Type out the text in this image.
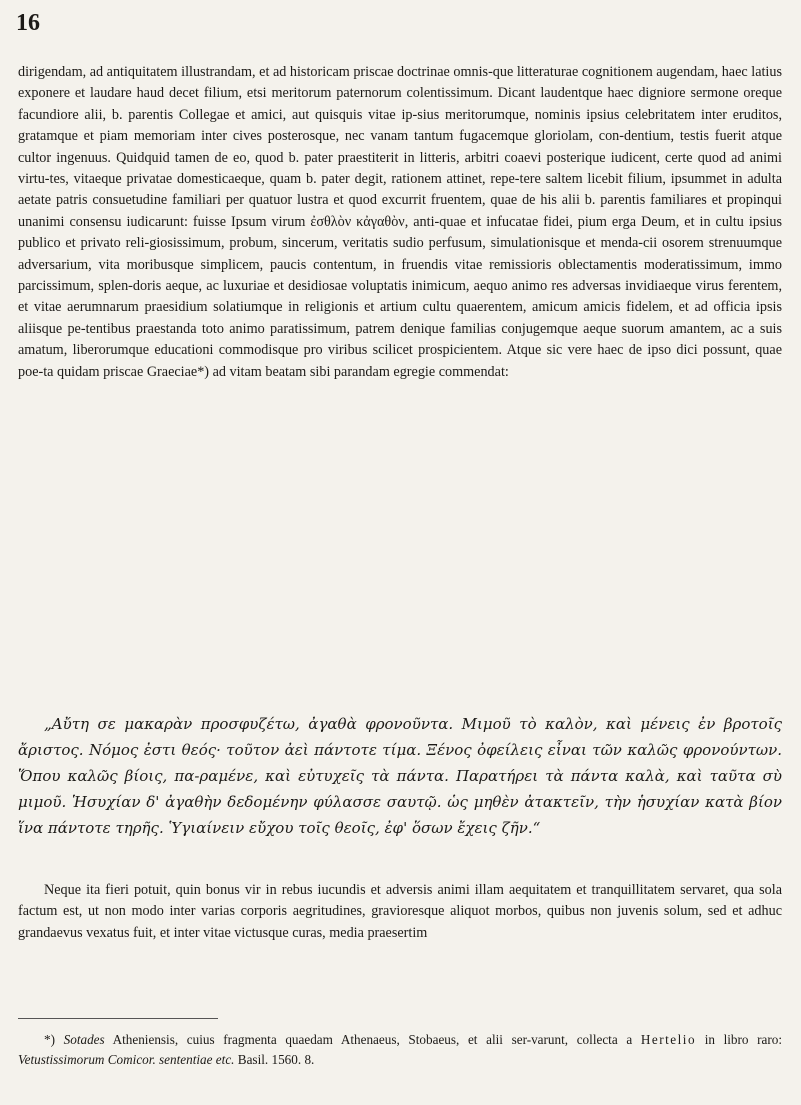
16

dirigendam, ad antiquitatem illustrandam, et ad historicam priscae doctrinae omnis-que litteraturae cognitionem augendam, haec latius exponere et laudare haud decet filium, etsi meritorum paternorum colentissimum. Dicant laudentque haec digniore sermone oreque facundiore alii, b. parentis Collegae et amici, aut quisquis vitae ip-sius meritorumque, nominis ipsius celebritatem inter eruditos, gratamque et piam memoriam inter cives posterosque, nec vanam tantum fugacemque gloriolam, con-dentium, testis fuerit atque cultor ingenuus. Quidquid tamen de eo, quod b. pater praestiterit in litteris, arbitri coaevi posterique iudicent, certe quod ad animi virtu-tes, vitaeque privatae domesticaeque, quam b. pater degit, rationem attinet, repe-tere saltem licebit filium, ipsummet in adulta aetate patris consuetudine familiari per quatuor lustra et quod excurrit fruentem, quae de his alii b. parentis familiares et propinqui unanimi consensu iudicarunt: fuisse Ipsum virum ἐσθλὸν κἀγαθὸν, anti-quae et infucatae fidei, pium erga Deum, et in cultu ipsius publico et privato reli-giosissimum, probum, sincerum, veritatis sudio perfusum, simulationisque et menda-cii osorem strenuumque adversarium, vita moribusque simplicem, paucis contentum, in fruendis vitae remissioris oblectamentis moderatissimum, immo parcissimum, splen-doris aeque, ac luxuriae et desidiosae voluptatis inimicum, aequo animo res adversas invidiaeque virus ferentem, et vitae aerumnarum praesidium solatiumque in religionis et artium cultu quaerentem, amicum amicis fidelem, et ad officia ipsis aliisque pe-tentibus praestanda toto animo paratissimum, patrem denique familias conjugemque aeque suorum amantem, ac a suis amatum, liberorumque educationi commodisque pro viribus scilicet prospicientem. Atque sic vere haec de ipso dici possunt, quae poe-ta quidam priscae Graeciae*) ad vitam beatam sibi parandam egregie commendat:

„Αὔτη σε μακαρὰν προσφυζέτω, ἀγαθὰ φρονοῦντα. Μιμοῦ τὸ καλὸν, καὶ μένεις ἐν βροτοῖς ἄριστος. Νόμος ἐστι θεός· τοῦτον ἀεὶ πάντοτε τίμα. Ξένος ὀφείλεις εἶναι τῶν καλῶς φρονούντων. Ὅπου καλῶς βίοις, πα-ραμένε, καὶ εὐτυχεῖς τὰ πάντα. Παρατήρει τὰ πάντα καλὰ, καὶ ταῦτα σὺ μιμοῦ. Ἡσυχίαν δ' ἀγαθὴν δεδομένην φύλασσε σαυτῷ. ὡς μηθὲν ἀτακτεῖν, τὴν ἡσυχίαν κατὰ βίον ἵνα πάντοτε τηρῆς. Ὑγιαίνειν εὔχου τοῖς θεοῖς, ἐφ' ὅσων ἔχεις ζῆν.“

Neque ita fieri potuit, quin bonus vir in rebus iucundis et adversis animi illam aequitatem et tranquillitatem servaret, qua sola factum est, ut non modo inter varias corporis aegritudines, gravioresque aliquot morbos, quibus non juvenis solum, sed et adhuc grandaevus vexatus fuit, et inter vitae victusque curas, media praesertim

*) Sotades Atheniensis, cuius fragmenta quaedam Athenaeus, Stobaeus, et alii ser-varunt, collecta a Hertelio in libro raro: Vetustissimorum Comicor. sententiae etc. Basil. 1560. 8.
